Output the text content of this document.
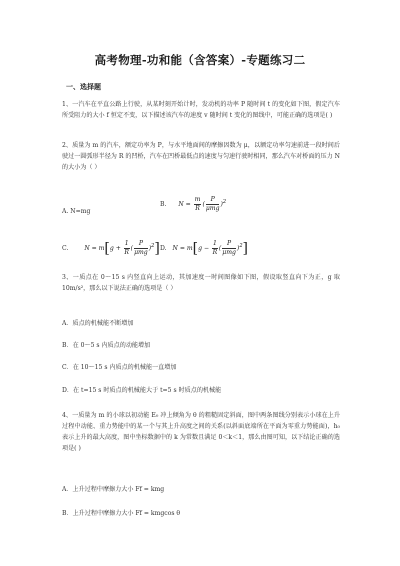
高考物理-功和能（含答案）-专题练习二
一、选择题
1、一汽车在平直公路上行驶，从某时刻开始计时，发动机的功率 P 随时间 t 的变化如下图，假定汽车所受阻力的大小 f 恒定不变，以下描述该汽车的速度 v 随时间 t 变化的图线中，可能正确的选项是( )
2、质量为 m 的汽车，额定功率为 P，与水平地面间的摩擦因数为 μ，以额定功率匀速前进一段时间后驶过一圆弧形半径为 R 的凹桥，汽车在凹桥最低点的速度与匀速行驶时相同，那么汽车对桥面的压力 N 的大小为（ ）
A. N=mg
B. $N = \frac{m}{R}$ ( $\frac{P}{\text{μmg}} )^2$
C.	$N = m[g + \frac{1}{R}$ ( $\frac{P}{\text{μmg}} )^2$] D. $N = m[g - \frac{1}{R}$ ( $\frac{P}{\text{μmg}} )^2$]
3、一质点在 0～15 s 内竖直向上运动，其加速度一时间图像如下图，假设取竖直向下为正，g 取 10m/s²，那么以下说法正确的选项是（ ）
A．质点的机械能不断增加
B．在 0～5 s 内质点的动能增加
C．在 10～15 s 内质点的机械能一直增加
D．在 t=15 s 时质点的机械能大于 t=5 s 时质点的机械能
4、一质量为 m 的小球以初动能 E₀ 冲上倾角为 θ 的粗糙固定斜面，图中两条图线分别表示小球在上升过程中动能、重力势能中的某一个与其上升高度之间的关系(以斜面底端所在平面为零重力势能面)，h₀ 表示上升的最大高度，图中坐标数据中的 k 为常数且满足 0＜k＜1，那么由图可知，以下结论正确的选项是( )
A．上升过程中摩擦力大小 Ff = kmg
B．上升过程中摩擦力大小 Ff = kmgcos θ
